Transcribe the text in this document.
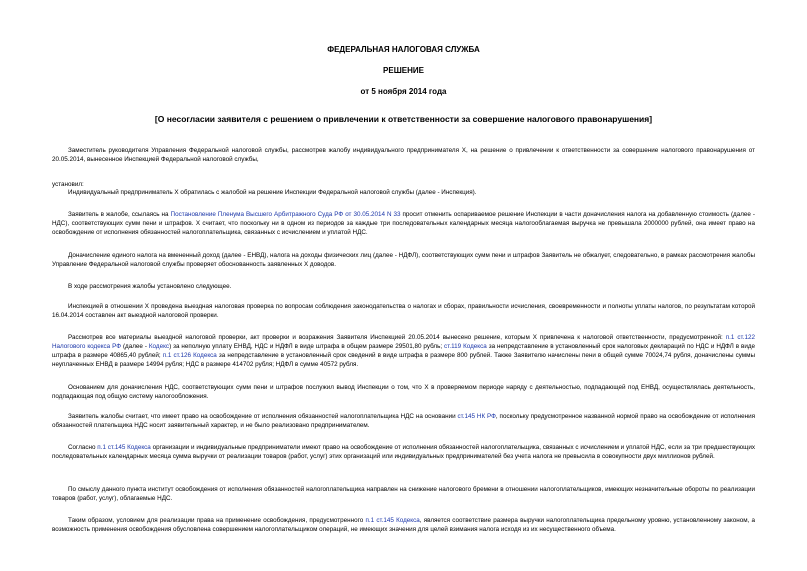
ФЕДЕРАЛЬНАЯ НАЛОГОВАЯ СЛУЖБА
РЕШЕНИЕ
от 5 ноября 2014 года
[О несогласии заявителя с решением о привлечении к ответственности за совершение налогового правонарушения]
Заместитель руководителя Управления Федеральной налоговой службы, рассмотрев жалобу индивидуального предпринимателя Х, на решение о привлечении к ответственности за совершение налогового правонарушения от 20.05.2014, вынесенное Инспекцией Федеральной налоговой службы,
установил:
Индивидуальный предприниматель Х обратилась с жалобой на решение Инспекции Федеральной налоговой службы (далее - Инспекция).
Заявитель в жалобе, ссылаясь на Постановление Пленума Высшего Арбитражного Суда РФ от 30.05.2014 N 33 просит отменить оспариваемое решение Инспекции в части доначисления налога на добавленную стоимость (далее - НДС), соответствующих сумм пени и штрафов. Х считает, что поскольку ни в одном из периодов за каждые три последовательных календарных месяца налогооблагаемая выручка не превышала 2000000 рублей, она имеет право на освобождение от исполнения обязанностей налогоплательщика, связанных с исчислением и уплатой НДС.
Доначисление единого налога на вмененный доход (далее - ЕНВД), налога на доходы физических лиц (далее - НДФЛ), соответствующих сумм пени и штрафов Заявитель не обжалует, следовательно, в рамках рассмотрения жалобы Управление Федеральной налоговой службы проверяет обоснованность заявленных Х доводов.
В ходе рассмотрения жалобы установлено следующее.
Инспекцией в отношении Х проведена выездная налоговая проверка по вопросам соблюдения законодательства о налогах и сборах, правильности исчисления, своевременности и полноты уплаты налогов, по результатам которой 16.04.2014 составлен акт выездной налоговой проверки.
Рассмотрев все материалы выездной налоговой проверки, акт проверки и возражения Заявителя Инспекцией 20.05.2014 вынесено решение, которым Х привлечена к налоговой ответственности, предусмотренной: п.1 ст.122 Налогового кодекса РФ (далее - Кодекс) за неполную уплату ЕНВД, НДС и НДФЛ в виде штрафа в общем размере 29501,80 рубль; ст.119 Кодекса за непредставление в установленный срок налоговых деклараций по НДС и НДФЛ в виде штрафа в размере 40865,40 рублей; п.1 ст.126 Кодекса за непредставление в установленный срок сведений в виде штрафа в размере 800 рублей. Также Заявителю начислены пени в общей сумме 70024,74 рубля, доначислены суммы неуплаченных ЕНВД в размере 14994 рубля; НДС в размере 414702 рубля; НДФЛ в сумме 40572 рубля.
Основанием для доначисления НДС, соответствующих сумм пени и штрафов послужил вывод Инспекции о том, что Х в проверяемом периоде наряду с деятельностью, подпадающей под ЕНВД, осуществлялась деятельность, подпадающая под общую систему налогообложения.
Заявитель жалобы считает, что имеет право на освобождение от исполнения обязанностей налогоплательщика НДС на основании ст.145 НК РФ, поскольку предусмотренное названной нормой право на освобождение от исполнения обязанностей плательщика НДС носит заявительный характер, и не было реализовано предпринимателем.
Согласно п.1 ст.145 Кодекса организации и индивидуальные предприниматели имеют право на освобождение от исполнения обязанностей налогоплательщика, связанных с исчислением и уплатой НДС, если за три предшествующих последовательных календарных месяца сумма выручки от реализации товаров (работ, услуг) этих организаций или индивидуальных предпринимателей без учета налога не превысила в совокупности двух миллионов рублей.
По смыслу данного пункта институт освобождения от исполнения обязанностей налогоплательщика направлен на снижение налогового бремени в отношении налогоплательщиков, имеющих незначительные обороты по реализации товаров (работ, услуг), облагаемые НДС.
Таким образом, условием для реализации права на применение освобождения, предусмотренного п.1 ст.145 Кодекса, является соответствие размера выручки налогоплательщика предельному уровню, установленному законом, а возможность применения освобождения обусловлена совершением налогоплательщиком операций, не имеющих значения для целей взимания налога исходя из их несущественного объема.
